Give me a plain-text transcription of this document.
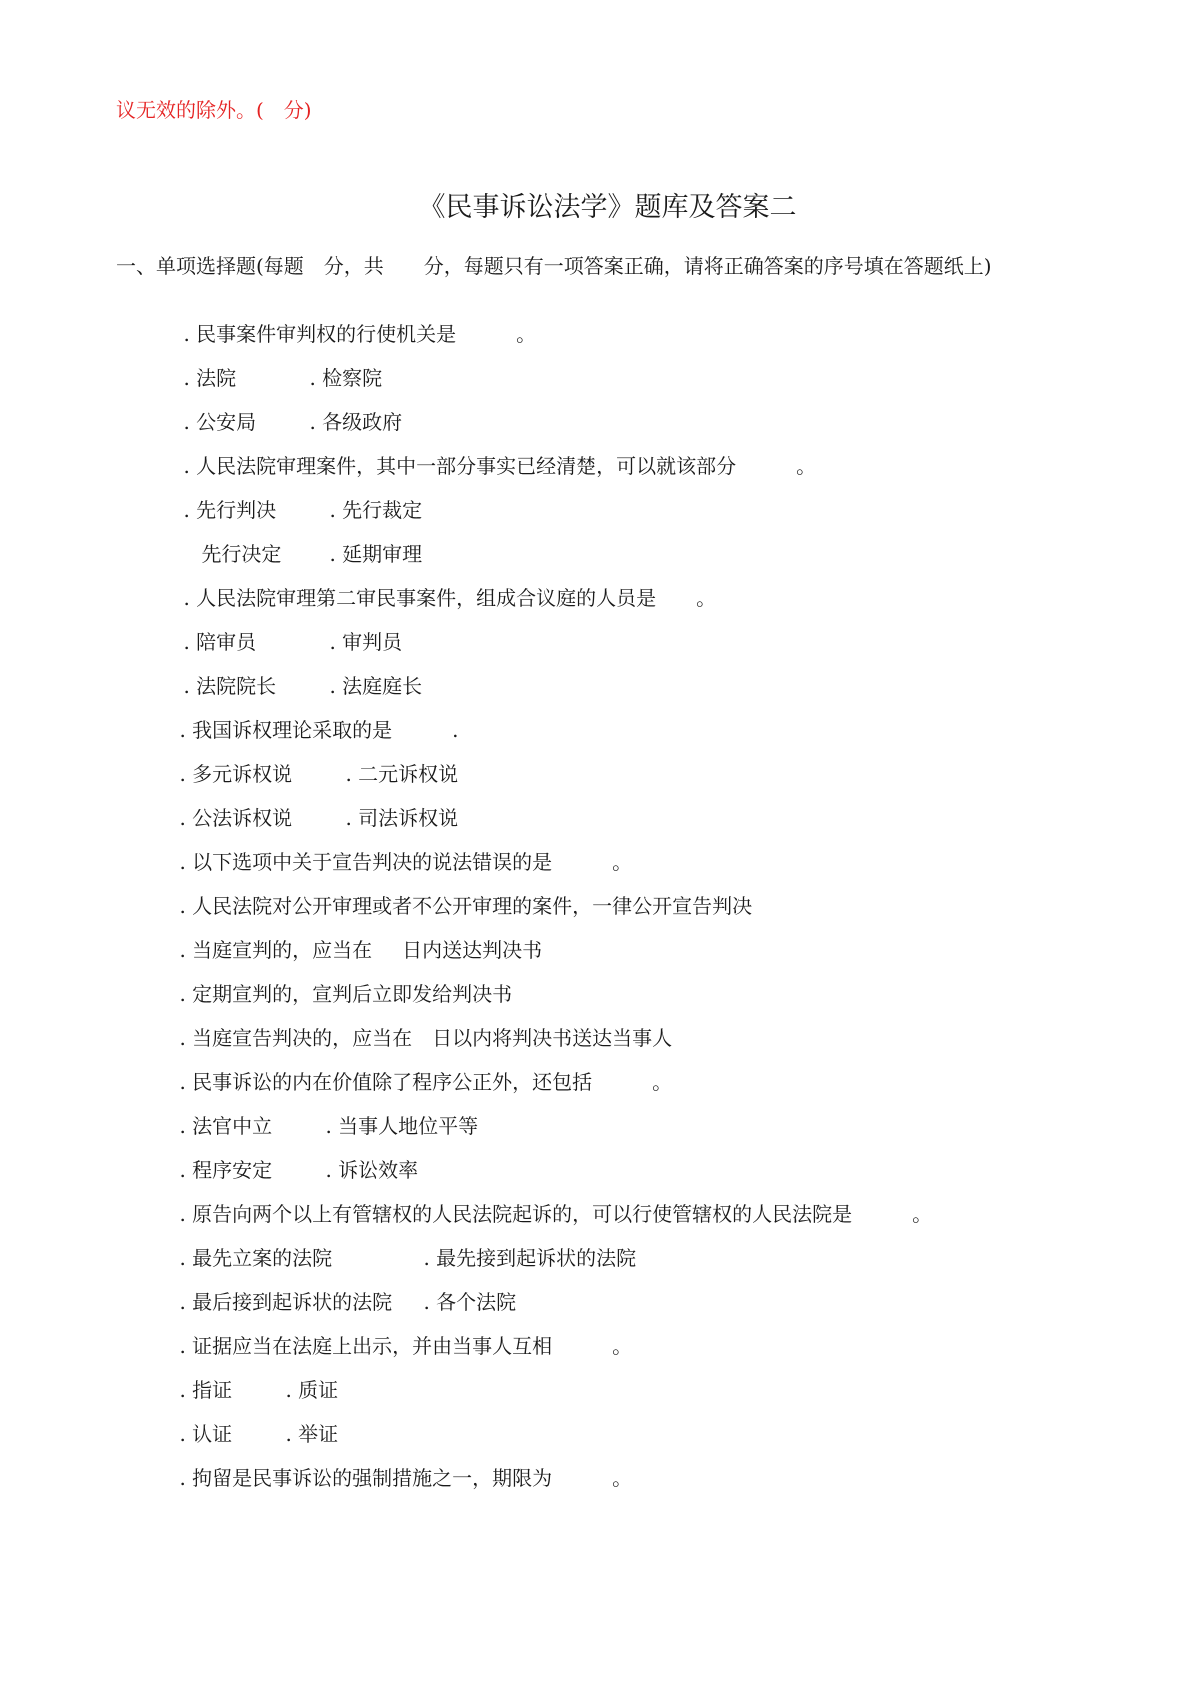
议无效的除外。(　分)
《民事诉讼法学》题库及答案二
一、单项选择题(每题　分，共　　分，每题只有一项答案正确，请将正确答案的序号填在答题纸上)

. 民事案件审判权的行使机关是	。

. 法院	. 检察院

. 公安局	. 各级政府

. 人民法院审理案件，其中一部分事实已经清楚，可以就该部分	。

. 先行判决	. 先行裁定

先行决定 . 延期审理

. 人民法院审理第二审民事案件，组成合议庭的人员是 。

. 陪审员	. 审判员

. 法院院长	. 法庭庭长

. 我国诉权理论采取的是	.

. 多元诉权说	. 二元诉权说

. 公法诉权说	. 司法诉权说

. 以下选项中关于宣告判决的说法错误的是	。

. 人民法院对公开审理或者不公开审理的案件，一律公开宣告判决

. 当庭宣判的，应当在 日内送达判决书

. 定期宣判的，宣判后立即发给判决书

. 当庭宣告判决的，应当在 日以内将判决书送达当事人

. 民事诉讼的内在价值除了程序公正外，还包括	。

. 法官中立	. 当事人地位平等

. 程序安定	. 诉讼效率

. 原告向两个以上有管辖权的人民法院起诉的，可以行使管辖权的人民法院是	。

. 最先立案的法院	. 最先接到起诉状的法院

. 最后接到起诉状的法院 . 各个法院

. 证据应当在法庭上出示，并由当事人互相	。

. 指证	. 质证

. 认证	. 举证

. 拘留是民事诉讼的强制措施之一，期限为	。
